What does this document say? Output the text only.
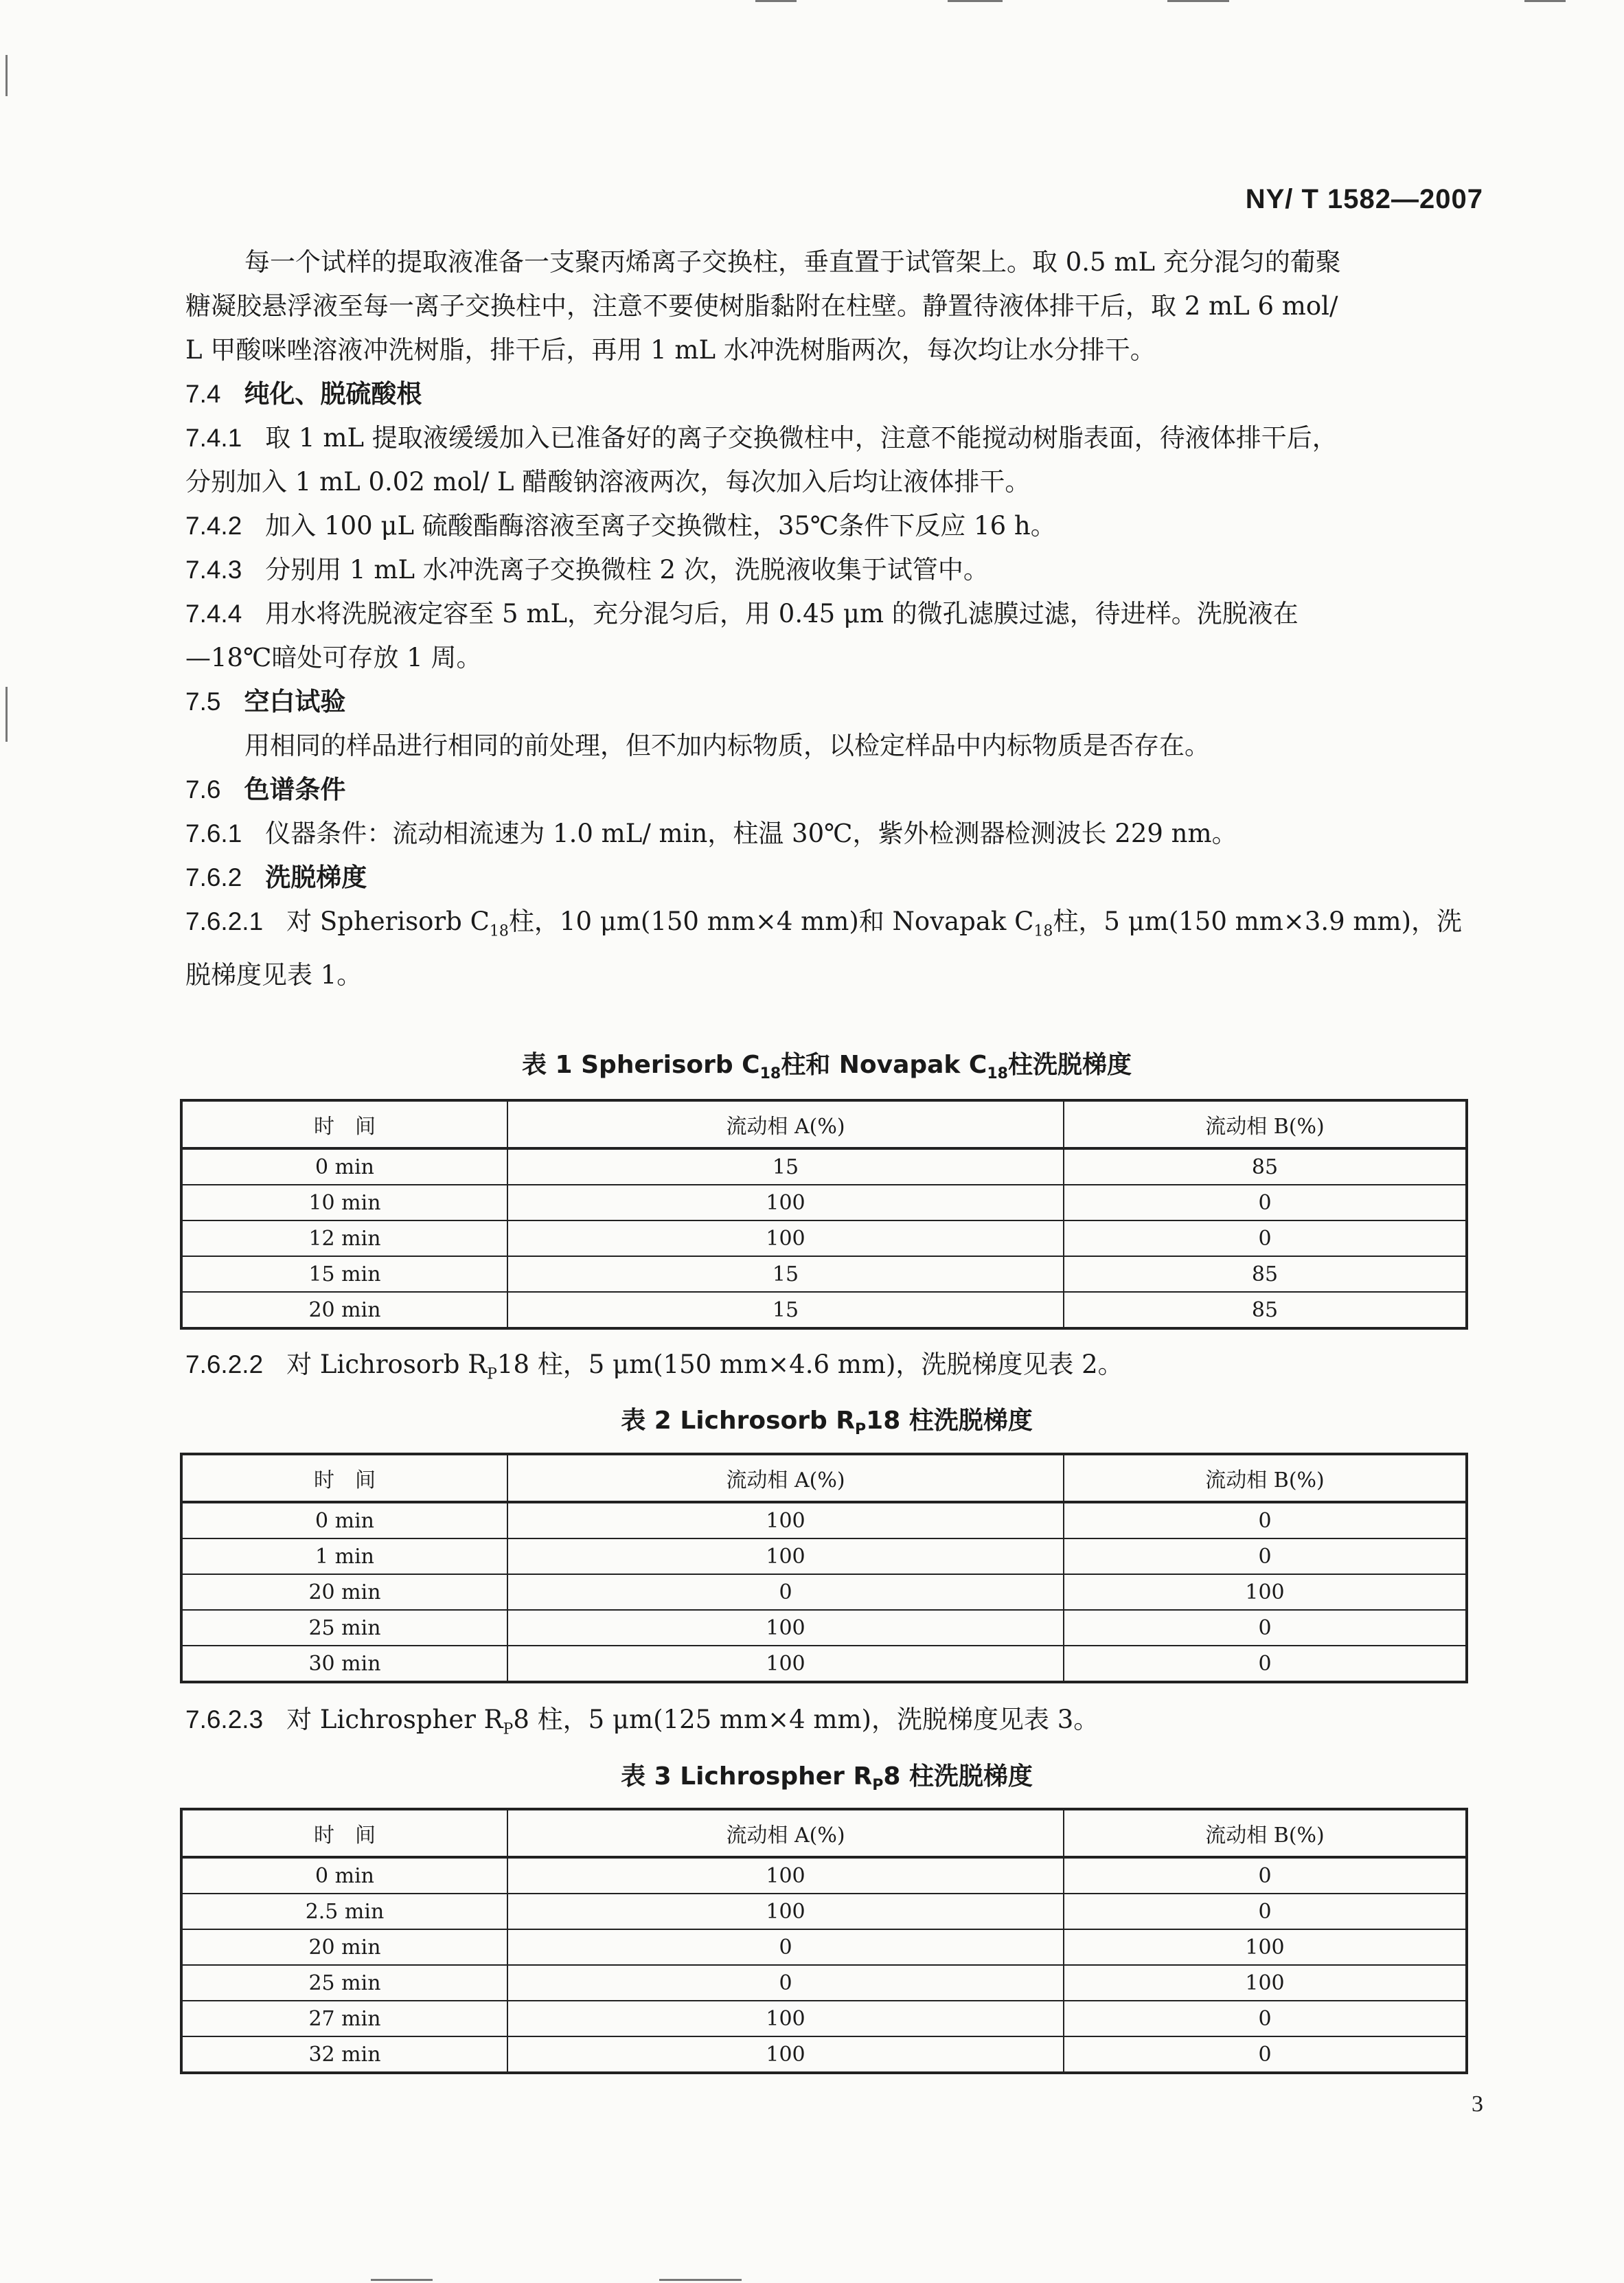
NY/ T 1582—2007

每一个试样的提取液准备一支聚丙烯离子交换柱，垂直置于试管架上。取 0.5 mL 充分混匀的葡聚
糖凝胶悬浮液至每一离子交换柱中，注意不要使树脂黏附在柱壁。静置待液体排干后，取 2 mL 6 mol/
L 甲酸咪唑溶液冲洗树脂，排干后，再用 1 mL 水冲洗树脂两次，每次均让水分排干。

7.4 纯化、脱硫酸根

7.4.1 取 1 mL 提取液缓缓加入已准备好的离子交换微柱中，注意不能搅动树脂表面，待液体排干后，
分别加入 1 mL 0.02 mol/ L 醋酸钠溶液两次，每次加入后均让液体排干。

7.4.2 加入 100 μL 硫酸酯酶溶液至离子交换微柱，35℃条件下反应 16 h。

7.4.3 分别用 1 mL 水冲洗离子交换微柱 2 次，洗脱液收集于试管中。

7.4.4 用水将洗脱液定容至 5 mL，充分混匀后，用 0.45 μm 的微孔滤膜过滤，待进样。洗脱液在
—18℃暗处可存放 1 周。

7.5 空白试验

用相同的样品进行相同的前处理，但不加内标物质，以检定样品中内标物质是否存在。

7.6 色谱条件

7.6.1 仪器条件：流动相流速为 1.0 mL/ min，柱温 30℃，紫外检测器检测波长 229 nm。

7.6.2 洗脱梯度

7.6.2.1 对 Spherisorb $C_{18}$柱，10 μm(150 mm×4 mm)和 Novapak $C_{18}$柱，5 μm(150 mm×3.9 mm)，洗
脱梯度见表 1。

表 1 Spherisorb $C_{18}$柱和 Novapak $C_{18}$柱洗脱梯度
时　间	流动相 A(%)	流动相 B(%)
0 min	15	85
10 min	100	0
12 min	100	0
15 min	15	85
20 min	15	85

7.6.2.2 对 Lichrosorb $R_P18$ 柱，5 μm(150 mm×4.6 mm)，洗脱梯度见表 2。

表 2 Lichrosorb $R_P18$ 柱洗脱梯度
时　间	流动相 A(%)	流动相 B(%)
0 min	100	0
1 min	100	0
20 min	0	100
25 min	100	0
30 min	100	0

7.6.2.3 对 Lichrospher $R_P8$ 柱，5 μm(125 mm×4 mm)，洗脱梯度见表 3。

表 3 Lichrospher $R_P8$ 柱洗脱梯度
时　间	流动相 A(%)	流动相 B(%)
0 min	100	0
2.5 min	100	0
20 min	0	100
25 min	0	100
27 min	100	0
32 min	100	0
3
